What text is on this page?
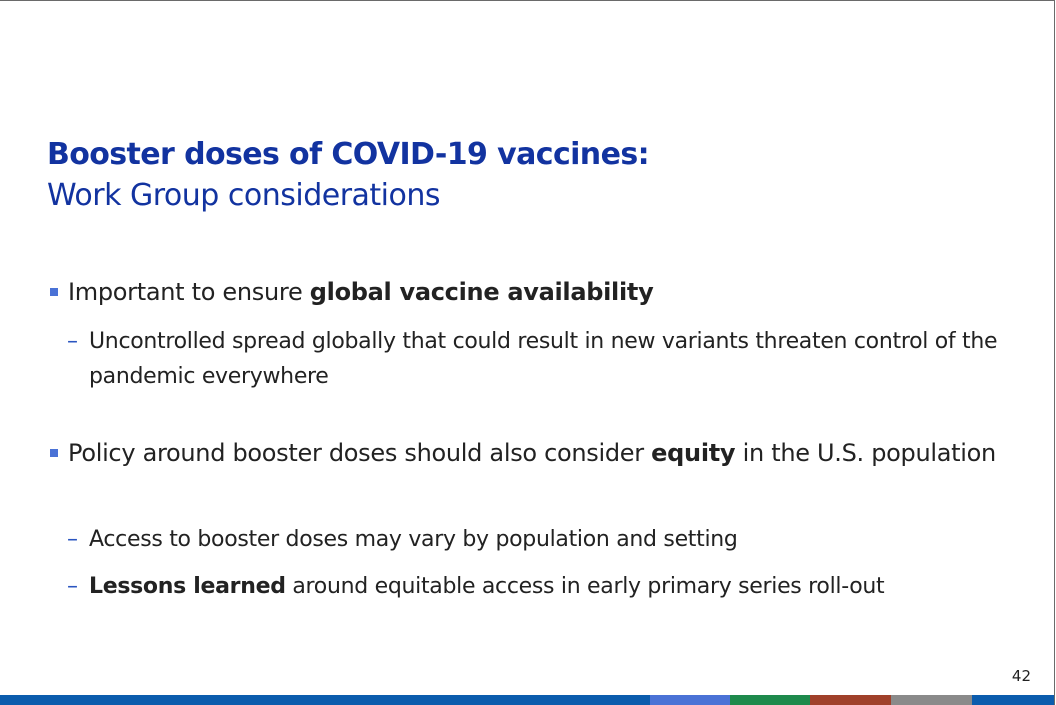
Booster doses of COVID-19 vaccines:
Work Group considerations
Important to ensure global vaccine availability
– Uncontrolled spread globally that could result in new variants threaten control of the pandemic everywhere
Policy around booster doses should also consider equity in the U.S. population
– Access to booster doses may vary by population and setting
– Lessons learned around equitable access in early primary series roll-out
42
